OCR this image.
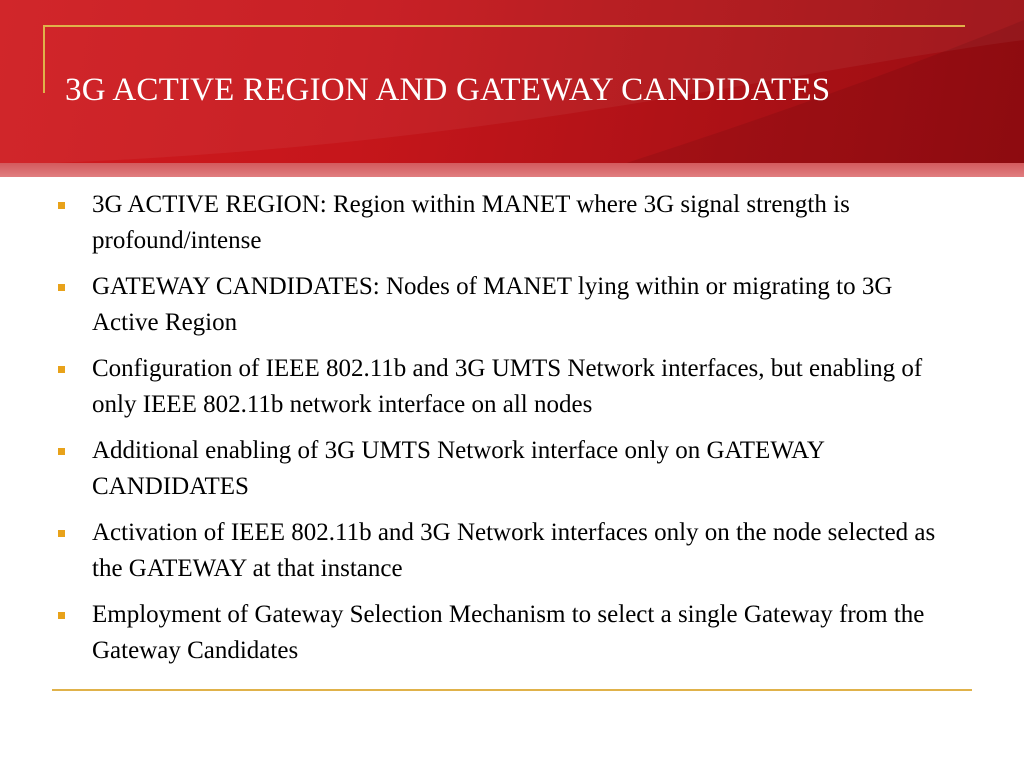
3G ACTIVE REGION AND GATEWAY CANDIDATES
3G ACTIVE REGION: Region within MANET where 3G signal strength is profound/intense
GATEWAY CANDIDATES: Nodes of MANET lying within or migrating to 3G Active Region
Configuration of IEEE 802.11b and 3G UMTS Network interfaces, but enabling of only IEEE 802.11b network interface on all nodes
Additional enabling of 3G UMTS Network interface only on GATEWAY CANDIDATES
Activation of IEEE 802.11b and 3G Network interfaces only on the node selected as the GATEWAY at that instance
Employment of Gateway Selection Mechanism to select a single Gateway from the Gateway Candidates
